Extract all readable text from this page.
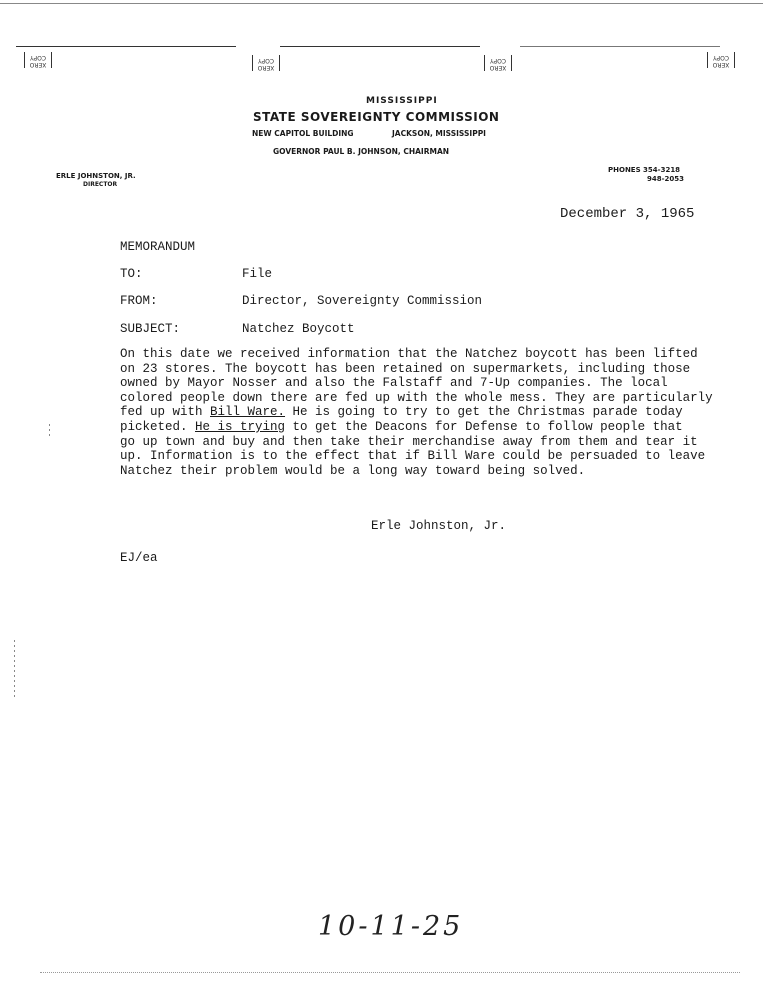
XERO
COPY
XERO
COPY
XERO
COPY
XERO
COPY
MISSISSIPPI
STATE SOVEREIGNTY COMMISSION
NEW CAPITOL BUILDING	JACKSON, MISSISSIPPI
GOVERNOR PAUL B. JOHNSON, CHAIRMAN
ERLE JOHNSTON, JR.
DIRECTOR
PHONES 354-3218
948-2053
December 3, 1965
MEMORANDUM
TO:	File
FROM:	Director, Sovereignty Commission
SUBJECT:	Natchez Boycott
On this date we received information that the Natchez boycott has been lifted
on 23 stores. The boycott has been retained on supermarkets, including those
owned by Mayor Nosser and also the Falstaff and 7-Up companies. The local
colored people down there are fed up with the whole mess. They are particularly
fed up with Bill Ware. He is going to try to get the Christmas parade today
picketed. He is trying to get the Deacons for Defense to follow people that
go up town and buy and then take their merchandise away from them and tear it
up. Information is to the effect that if Bill Ware could be persuaded to leave
Natchez their problem would be a long way toward being solved.
Erle Johnston, Jr.
EJ/ea
10-11-25
